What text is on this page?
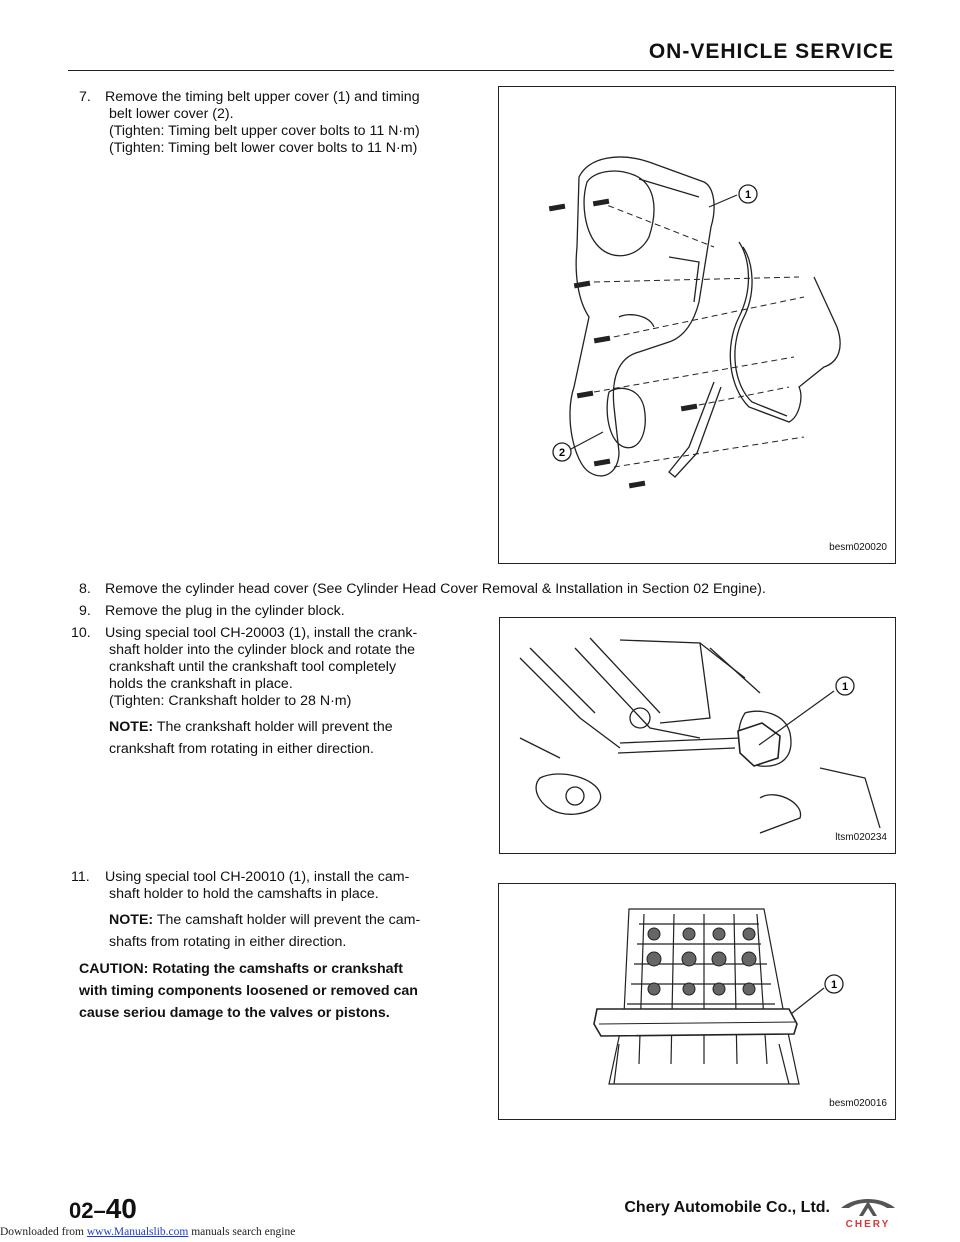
ON-VEHICLE SERVICE

7. Remove the timing belt upper cover (1) and timing

belt lower cover (2).

(Tighten: Timing belt upper cover bolts to 11 N·m)

(Tighten: Timing belt lower cover bolts to 11 N·m)

1
2
besm020020
8. Remove the cylinder head cover (See Cylinder Head Cover Removal & Installation in Section 02 Engine).
9. Remove the plug in the cylinder block.

10. Using special tool CH-20003 (1), install the crank-

shaft holder into the cylinder block and rotate the

crankshaft until the crankshaft tool completely

holds the crankshaft in place.

(Tighten: Crankshaft holder to 28 N·m)

NOTE: The crankshaft holder will prevent the

crankshaft from rotating in either direction.

1
ltsm020234

11. Using special tool CH-20010 (1), install the cam-

shaft holder to hold the camshafts in place.

NOTE: The camshaft holder will prevent the cam-

shafts from rotating in either direction.

CAUTION: Rotating the camshafts or crankshaft
with timing components loosened or removed can
cause seriou damage to the valves or pistons.
1
besm020016
02–40	Chery Automobile Co., Ltd.
CHERY
Downloaded from www.Manualslib.com manuals search engine
